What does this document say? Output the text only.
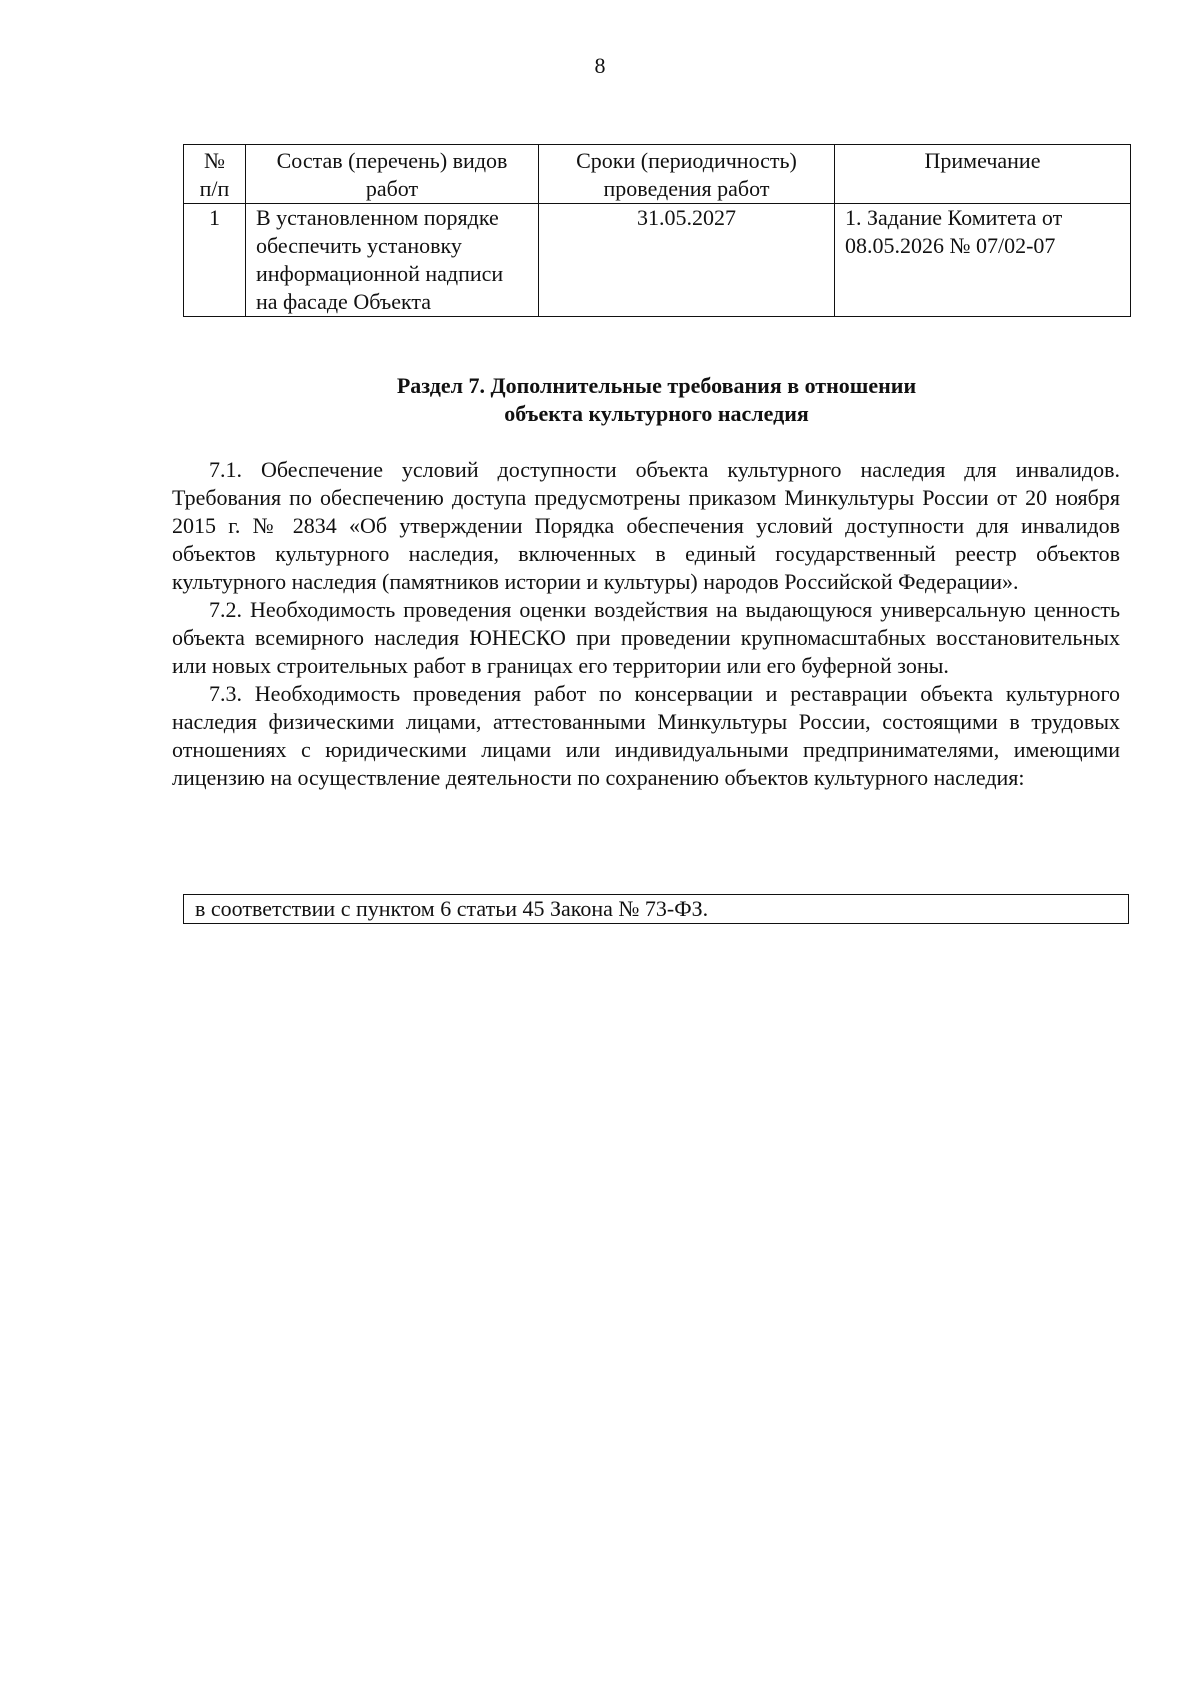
8
№ п/п	Состав (перечень) видов работ	Сроки (периодичность) проведения работ	Примечание
1	В установленном порядке обеспечить установку информационной надписи на фасаде Объекта	31.05.2027	1. Задание Комитета от 08.05.2026 № 07/02-07
Раздел 7. Дополнительные требования в отношении
объекта культурного наследия

7.1. Обеспечение условий доступности объекта культурного наследия для инвалидов. Требования по обеспечению доступа предусмотрены приказом Минкультуры России от 20 ноября 2015 г. № 2834 «Об утверждении Порядка обеспечения условий доступности для инвалидов объектов культурного наследия, включенных в единый государственный реестр объектов культурного наследия (памятников истории и культуры) народов Российской Федерации».

7.2. Необходимость проведения оценки воздействия на выдающуюся универсальную ценность объекта всемирного наследия ЮНЕСКО при проведении крупномасштабных восстановительных или новых строительных работ в границах его территории или его буферной зоны.

7.3. Необходимость проведения работ по консервации и реставрации объекта культурного наследия физическими лицами, аттестованными Минкультуры России, состоящими в трудовых отношениях с юридическими лицами или индивидуальными предпринимателями, имеющими лицензию на осуществление деятельности по сохранению объектов культурного наследия:

в соответствии с пунктом 6 статьи 45 Закона № 73-ФЗ.
